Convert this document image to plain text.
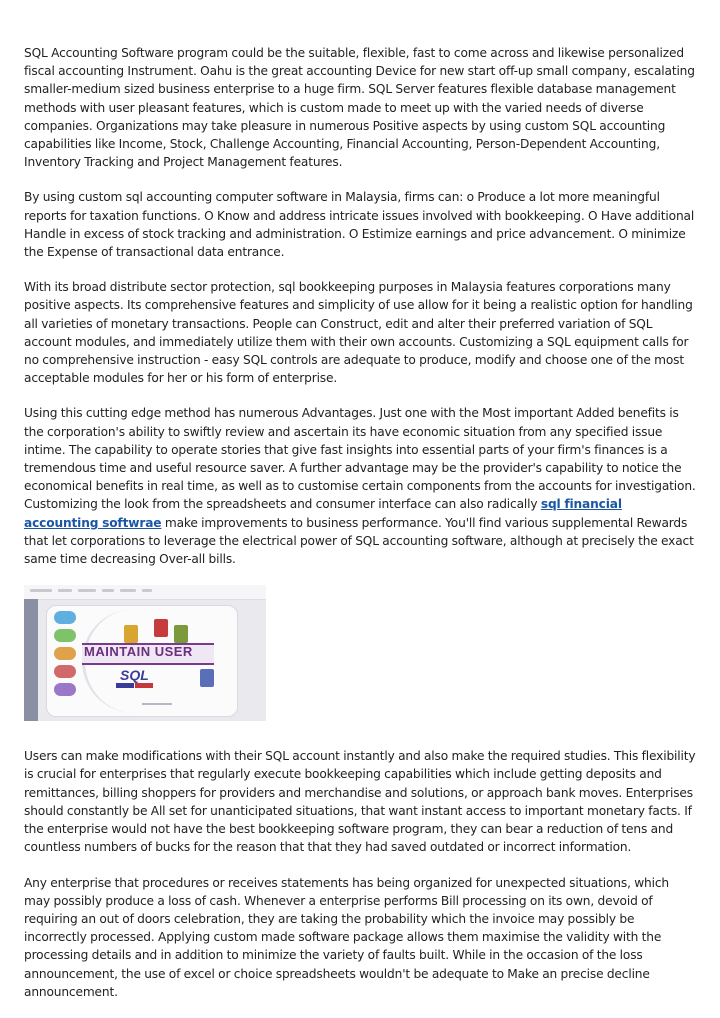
SQL Accounting Software program could be the suitable, flexible, fast to come across and likewise personalized fiscal accounting Instrument. Oahu is the great accounting Device for new start off-up small company, escalating smaller-medium sized business enterprise to a huge firm. SQL Server features flexible database management methods with user pleasant features, which is custom made to meet up with the varied needs of diverse companies. Organizations may take pleasure in numerous Positive aspects by using custom SQL accounting capabilities like Income, Stock, Challenge Accounting, Financial Accounting, Person-Dependent Accounting, Inventory Tracking and Project Management features.

By using custom sql accounting computer software in Malaysia, firms can: o Produce a lot more meaningful reports for taxation functions. O Know and address intricate issues involved with bookkeeping. O Have additional Handle in excess of stock tracking and administration. O Estimize earnings and price advancement. O minimize the Expense of transactional data entrance.

With its broad distribute sector protection, sql bookkeeping purposes in Malaysia features corporations many positive aspects. Its comprehensive features and simplicity of use allow for it being a realistic option for handling all varieties of monetary transactions. People can Construct, edit and alter their preferred variation of SQL account modules, and immediately utilize them with their own accounts. Customizing a SQL equipment calls for no comprehensive instruction - easy SQL controls are adequate to produce, modify and choose one of the most acceptable modules for her or his form of enterprise.

Using this cutting edge method has numerous Advantages. Just one with the Most important Added benefits is the corporation's ability to swiftly review and ascertain its have economic situation from any specified issue intime. The capability to operate stories that give fast insights into essential parts of your firm's finances is a tremendous time and useful resource saver. A further advantage may be the provider's capability to notice the economical benefits in real time, as well as to customise certain components from the accounts for investigation. Customizing the look from the spreadsheets and consumer interface can also radically sql financial accounting softwrae make improvements to business performance. You'll find various supplemental Rewards that let corporations to leverage the electrical power of SQL accounting software, although at precisely the exact same time decreasing Over-all bills.

MAINTAIN USER
SQL

Users can make modifications with their SQL account instantly and also make the required studies. This flexibility is crucial for enterprises that regularly execute bookkeeping capabilities which include getting deposits and remittances, billing shoppers for providers and merchandise and solutions, or approach bank moves. Enterprises should constantly be All set for unanticipated situations, that want instant access to important monetary facts. If the enterprise would not have the best bookkeeping software program, they can bear a reduction of tens and countless numbers of bucks for the reason that that they had saved outdated or incorrect information.

Any enterprise that procedures or receives statements has being organized for unexpected situations, which may possibly produce a loss of cash. Whenever a enterprise performs Bill processing on its own, devoid of requiring an out of doors celebration, they are taking the probability which the invoice may possibly be incorrectly processed. Applying custom made software package allows them maximise the validity with the processing details and in addition to minimize the variety of faults built. While in the occasion of the loss announcement, the use of excel or choice spreadsheets wouldn't be adequate to Make an precise decline announcement.
